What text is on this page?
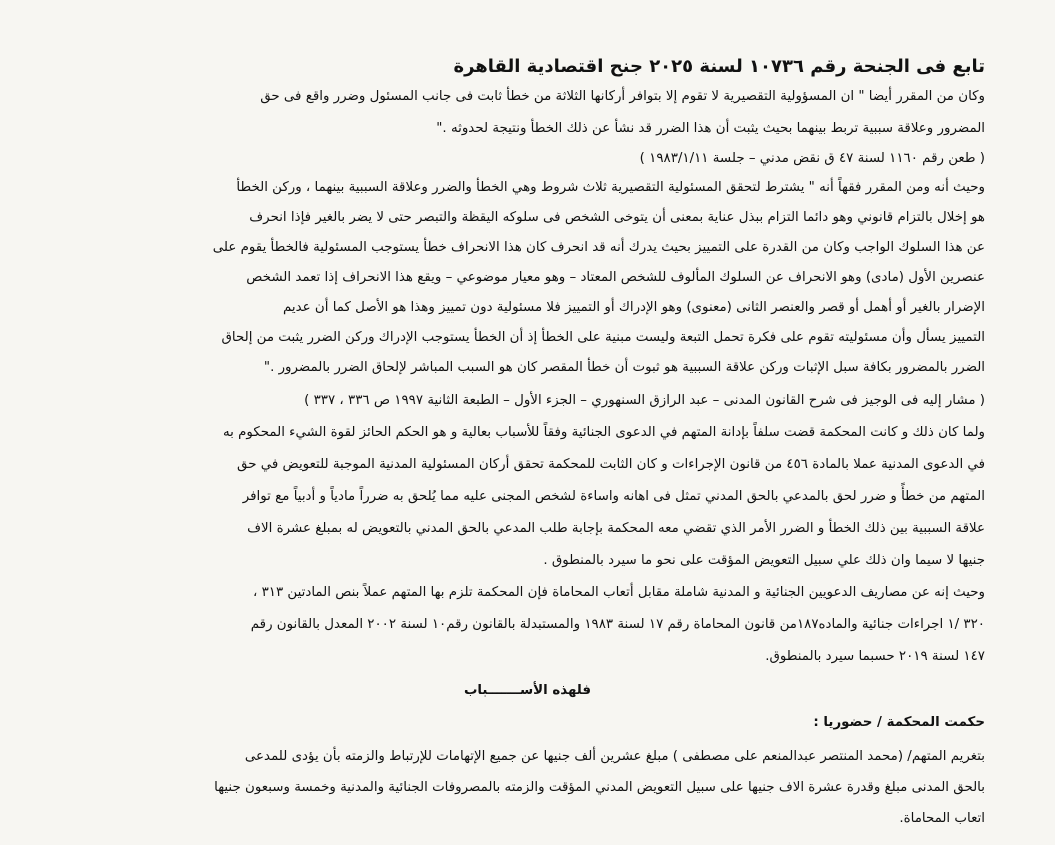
تابع فى الجنحة رقم ١٠٧٣٦ لسنة ٢٠٢٥ جنح اقتصادية القاهرة
وكان من المقرر أيضا " ان المسؤولية التقصيرية لا تقوم إلا بتوافر أركانها الثلاثة من خطأ ثابت فى جانب المسئول وضرر واقع فى حق
المضرور وعلاقة سببية تربط بينهما بحيث يثبت أن هذا الضرر قد نشأ عن ذلك الخطأ ونتيجة لحدوثه ."
( طعن رقم ١١٦٠ لسنة ٤٧ ق نقض مدني – جلسة ١٩٨٣/١/١١ )
وحيث أنه ومن المقرر فقهاً أنه " يشترط لتحقق المسئولية التقصيرية ثلاث شروط وهي الخطأ والضرر وعلاقة السببية بينهما ، وركن الخطأ
هو إخلال بالتزام قانوني وهو دائما التزام ببذل عناية بمعنى أن يتوخى الشخص فى سلوكه اليقظة والتبصر حتى لا يضر بالغير فإذا انحرف
عن هذا السلوك الواجب وكان من القدرة على التمييز بحيث يدرك أنه قد انحرف كان هذا الانحراف خطأ يستوجب المسئولية فالخطأ يقوم على
عنصرين الأول (مادى) وهو الانحراف عن السلوك المألوف للشخص المعتاد – وهو معيار موضوعي – ويقع هذا الانحراف إذا تعمد الشخص
الإضرار بالغير أو أهمل أو قصر والعنصر الثانى (معنوى) وهو الإدراك أو التمييز فلا مسئولية دون تمييز وهذا هو الأصل كما أن عديم
التمييز يسأل وأن مسئوليته تقوم على فكرة تحمل التبعة وليست مبنية على الخطأ إذ أن الخطأ يستوجب الإدراك وركن الضرر يثبت من إلحاق
الضرر بالمضرور بكافة سبل الإثبات وركن علاقة السببية هو ثبوت أن خطأ المقصر كان هو السبب المباشر لإلحاق الضرر بالمضرور ."
( مشار إليه فى الوجيز فى شرح القانون المدنى – عبد الرازق السنهوري – الجزء الأول – الطبعة الثانية ١٩٩٧ ص ٣٣٦ ، ٣٣٧ )
ولما كان ذلك و كانت المحكمة قضت سلفاً بإدانة المتهم في الدعوى الجنائية وفقاً للأسباب بعالية و هو الحكم الحائز لقوة الشيء المحكوم به
في الدعوى المدنية عملا بالمادة ٤٥٦ من قانون الإجراءات و كان الثابت للمحكمة تحقق أركان المسئولية المدنية الموجبة للتعويض في حق
المتهم من خطأً و ضرر لحق بالمدعي بالحق المدني تمثل فى اهانه واساءة لشخص المجنى عليه مما يُلحق به ضرراً مادياً و أدبياً مع توافر
علاقة السببية بين ذلك الخطأ و الضرر الأمر الذي تقضي معه المحكمة بإجابة طلب المدعي بالحق المدني بالتعويض له بمبلغ عشرة الاف
جنيها لا سيما وان ذلك علي سبيل التعويض المؤقت على نحو ما سيرد بالمنطوق .
وحيث إنه عن مصاريف الدعويين الجنائية و المدنية شاملة مقابل أتعاب المحاماة فإن المحكمة تلزم بها المتهم عملاً بنص المادتين ٣١٣ ،
٣٢٠ /١ اجراءات جنائية والماده١٨٧من قانون المحاماة رقم ١٧ لسنة ١٩٨٣ والمستبدلة بالقانون رقم١٠ لسنة ٢٠٠٢ المعدل بالقانون رقم
١٤٧ لسنة ٢٠١٩ حسبما سيرد بالمنطوق.
فلهذه الأســـــــباب
حكمت المحكمة / حضوريا :
بتغريم المتهم/ (محمد المنتصر عبدالمنعم على مصطفى ) مبلغ عشرين ألف جنيها عن جميع الإتهامات للإرتباط والزمته بأن يؤدى للمدعى
بالحق المدنى مبلغ وقدرة عشرة الاف جنيها على سبيل التعويض المدني المؤقت والزمته بالمصروفات الجنائية والمدنية وخمسة وسبعون جنيها
اتعاب المحاماة.
